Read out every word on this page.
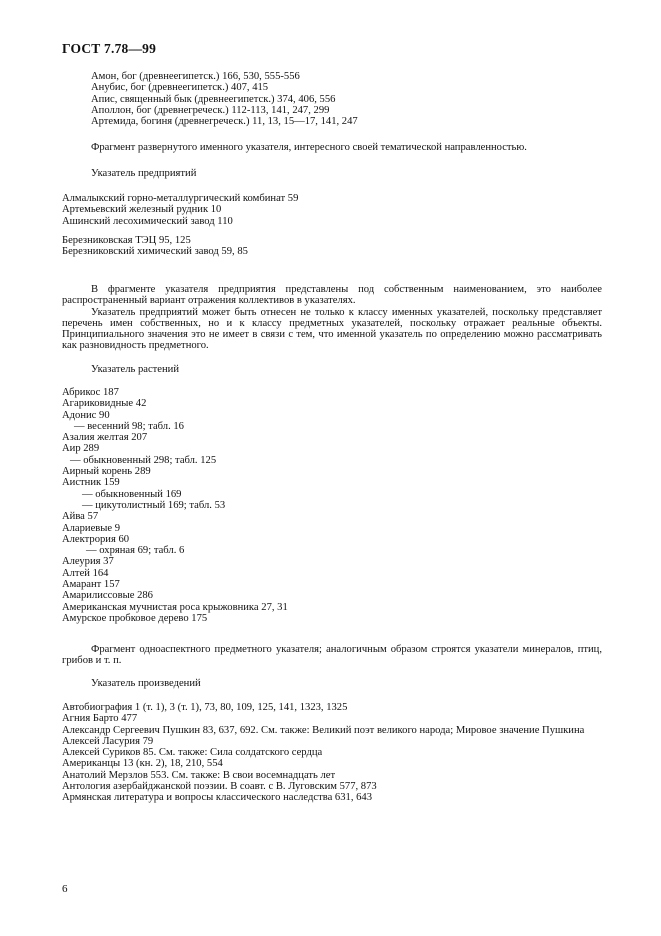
ГОСТ 7.78—99
Амон, бог (древнеегипетск.) 166, 530, 555-556
Анубис, бог (древнеегипетск.) 407, 415
Апис, священный бык (древнеегипетск.) 374, 406, 556
Аполлон, бог (древнегреческ.) 112-113, 141, 247, 299
Артемида, богиня (древнегреческ.) 11, 13, 15—17, 141, 247
Фрагмент развернутого именного указателя, интересного своей тематической направленностью.
Указатель предприятий
Алмалыкский горно-металлургический комбинат 59
Артемьевский железный рудник 10
Ашинский лесохимический завод 110
Березниковская ТЭЦ 95, 125
Березниковский химический завод 59, 85

В фрагменте указателя предприятия представлены под собственным наименованием, это наиболее распространенный вариант отражения коллективов в указателях.

Указатель предприятий может быть отнесен не только к классу именных указателей, поскольку представляет перечень имен собственных, но и к классу предметных указателей, поскольку отражает реальные объекты. Принципиального значения это не имеет в связи с тем, что именной указатель по определению можно рассматривать как разновидность предметного.

Указатель растений
Абрикос 187
Агариковидные 42
Адонис 90
— весенний 98; табл. 16
Азалия желтая 207
Аир 289
— обыкновенный 298; табл. 125
Аирный корень 289
Аистник 159
— обыкновенный 169
— цикутолистный 169; табл. 53
Айва 57
Алариевые 9
Алектрория 60
— охряная 69; табл. 6
Алеурия 37
Алтей 164
Амарант 157
Амарилиссовые 286
Американская мучнистая роса крыжовника 27, 31
Амурское пробковое дерево 175

Фрагмент одноаспектного предметного указателя; аналогичным образом строятся указатели минералов, птиц, грибов и т. п.

Указатель произведений
Автобиография 1 (т. 1), 3 (т. 1), 73, 80, 109, 125, 141, 1323, 1325
Агния Барто 477
Александр Сергеевич Пушкин 83, 637, 692. См. также: Великий поэт великого народа; Мировое значение Пушкина
Алексей Ласурия 79
Алексей Суриков 85. См. также: Сила солдатского сердца
Американцы 13 (кн. 2), 18, 210, 554
Анатолий Мерзлов 553. См. также: В свои восемнадцать лет
Антология азербайджанской поэзии. В соавт. с В. Луговским 577, 873
Армянская литература и вопросы классического наследства 631, 643
6
